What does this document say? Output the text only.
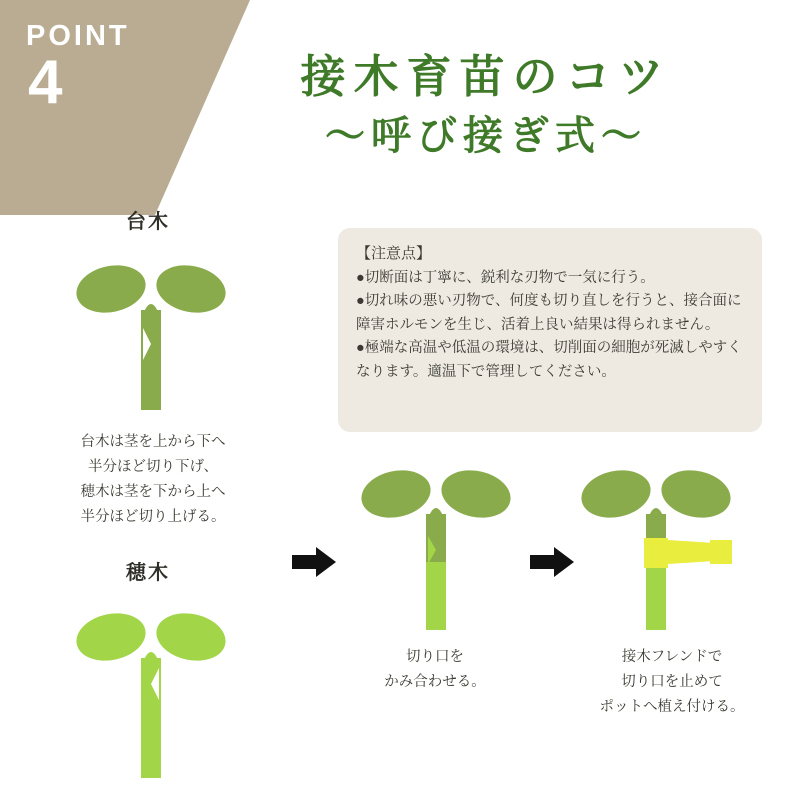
POINT
4	接木育苗のコツ
〜呼び接ぎ式〜
【注意点】
●切断面は丁寧に、鋭利な刃物で一気に行う。
●切れ味の悪い刃物で、何度も切り直しを行うと、接合面に障害ホルモンを生じ、活着上良い結果は得られません。
●極端な高温や低温の環境は、切削面の細胞が死滅しやすくなります。適温下で管理してください。
台木
台木は茎を上から下へ
半分ほど切り下げ、
穂木は茎を下から上へ
半分ほど切り上げる。
穂木
切り口を
かみ合わせる。
接木フレンドで
切り口を止めて
ポットへ植え付ける。
